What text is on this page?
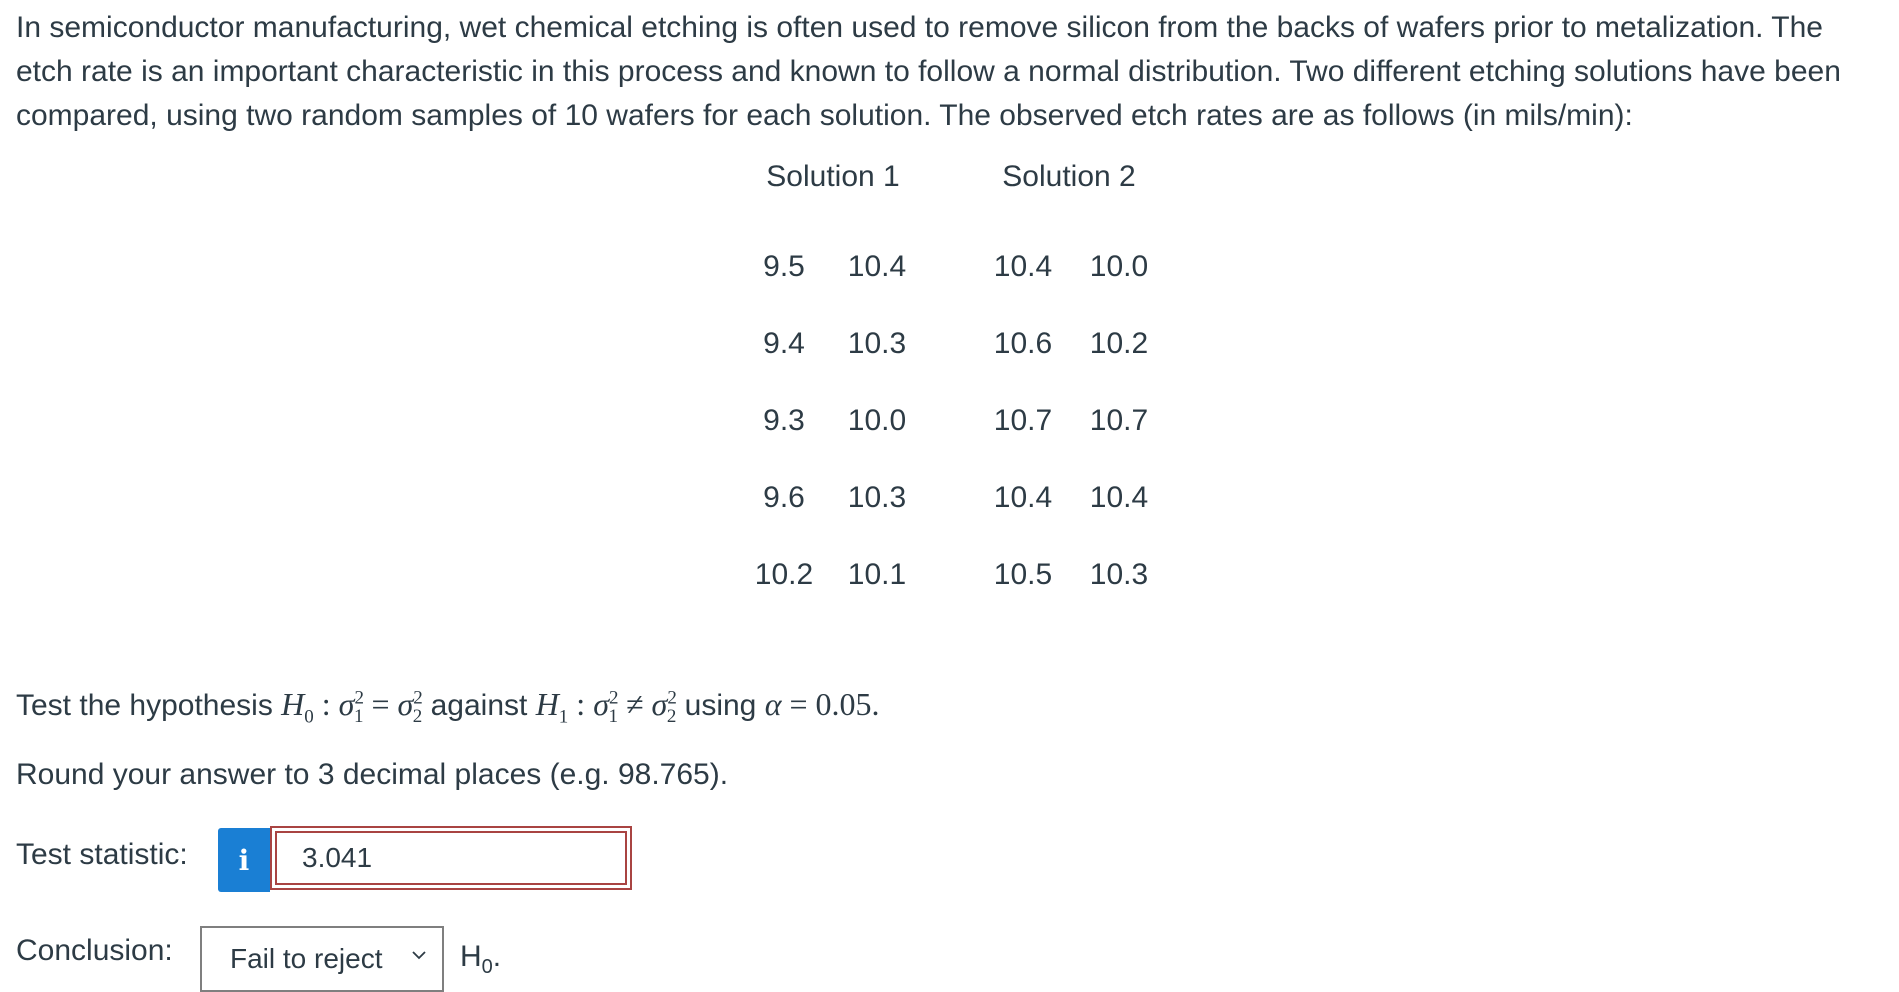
In semiconductor manufacturing, wet chemical etching is often used to remove silicon from the backs of wafers prior to metalization. The etch rate is an important characteristic in this process and known to follow a normal distribution. Two different etching solutions have been compared, using two random samples of 10 wafers for each solution. The observed etch rates are as follows (in mils/min):
Solution 1			Solution 2	
9.5	10.4		10.4	10.0
9.4	10.3		10.6	10.2
9.3	10.0		10.7	10.7
9.6	10.3		10.4	10.4
10.2	10.1		10.5	10.3
Test the hypothesis $H_0$ : $\sigma^2_1 = \sigma^2_2$ against $H_1$ : $\sigma^2_1 \ne \sigma^2_2$ using α = 0.05.
Round your answer to 3 decimal places (e.g. 98.765).
Test statistic:	i
3.041
Conclusion: Fail to reject	$H_0$.
